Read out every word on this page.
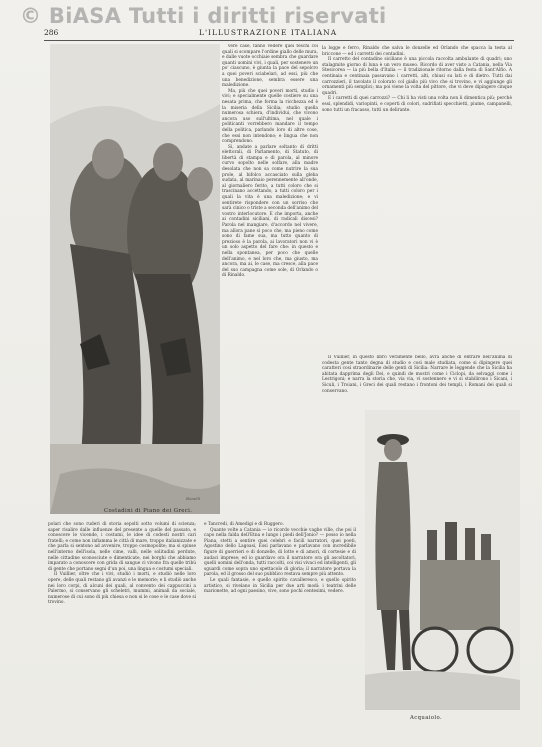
© BiASA Tutti i diritti riservati
286	L'ILLUSTRAZIONE ITALIANA
Costadini di Piano dei Greci.
Bonelli

vere case, fanno vedere quei teschi coi quali si scompare l'ordine giallo delle mura, e dalle vuote occhiaie sembra che guardare quanti uomini vivi, i quali, per sostenere un po' ciascuno, è giunta la pace del sepolcro a quei poveri sciabelari, ad essi, più che una benedizione, sembra essere una maledizione.

Ma, più che quei poveri morti, studio i vivi; e specialmente quelle costiere su una nesata prima, che forma la ricchezza ed è la miseria della Sicilia; studio quella numerosa schiera, d'individui, che vivono ancora uso sull'ultima, nel quale i politicanti vorrebbero mandare il tempo della politica, parlando loro di altre cose, che essi non intendono; e lingua che non comprendono.

Si, andate a parlare soltanto di dritti elettorali, di Parlamento, di Statuto, di libertà di stampa e di parola, al minore curvo sopolto nelle solfare, alla madre desolata che non sa come nutrire la sua prole, al bifolco accasciato sulla gleba sudata, al marinaio perennemente all'onde, al giornaliero ferito, a tutti coloro che si trascinano accettando, a tutti coloro per i quali la vita è una maledizione; e vi sentirete rispondere con un sorriso che sarà cinico o triste a seconda dell'animo del vostro interlocutore. E che importa, anche ai contadini siciliani, di radicali discesi? Parola nel mangiare, d'accordo nel vivere, ma allora pane sì poco che, ma pieno come sono di fame sua, ma tutto quanto di prezioso è la parola, ai lavoratori non vi è un solo aspetto del fare che: in questo e nella spontanea, per poco che quelle dell'animo, e nel loro che, ma giusto, ma ancora, ma ai, le case, ma cresce, alla pace del suo campagna come sole, di Orlando o di Rinaldo.

la logge e ferro, Rinaldo che salva le donzelle ed Orlando che spacca la testa al briccone — ed i carretti dei contadini.

Il carretto del contadino siciliano è una piccola raccolta ambulante di quadri; uno stalagmite giorno di luna è un vero museo. Ricordo di aver visto a Catania, nella Via Stesicorea — la più bella d'Italia — il tradizionale ritorno dalla festa di Sant'Alfio. A centinaia e centinaia passavano i carretti, alti, chiusi su lati e di dietro. Tutti dai carrozzieri, il tavolato il colorato col giallo più vivo che si trovino, e vi aggiunge gli ornamenti più semplici; ma poi viene la volta del pittore, che vi deve dipingere cinque quadri.

E i carretti di quei carrozzi? — Chi li ha visti una volta non li dimentica più; perchè essi, splendidi, variopinti, e coperti di colori, sudrifiati specchietti, piume, campanelli, sono tutti un fracasso, tutti un delirante.

Il Vuillier, in questo libro veramente bello, avrà anche di entrare nell'anima di codesta gente tanto degna di studio e così male studiata, come si dipingere quei caratteri così straordinarie delle genti di Sicilia: Narrare le leggende che la Sicilia ha abitata dapprima degli Dei, e quindi de mostri come i Ciclopi, da selvaggi come i Lestrigoni; e narra la storia che, via via, vi sostennero e vi si stabilirono i Sicani, i Siculi, i Troiani, i Greci dei quali restano i frontoni dei templi, i Romani dei quali si conservano.

Acquaiolo.

polari che sono ruderi di storia sepolti sotto volumi di scienza; saper risalire dalle influenze del presente a quelle del passato, e conoscere le vicende, i costumi, le idee di codesti nostri cari fratelli; e come non infiamma le città di mare, troppo italianizzate e che parla si sentono ad avvenire, troppo cosmopolite; ma si spinse nell'interno dell'isola, nelle cime, valli, nelle solitudini perdute, nelle cittadine sconosciute e dimenticate, nei borghi che abbiamo imparato a conoscere con grida di sangue ci vivono fra quelle tribù di gente che portano segni d'un poi, una lingua e costumi speciali.

Il Vuillier, oltre che i vivi, studiò i morti, e studiò nelle loro opere, delle quali restano gli avanzi e le memorie; e li studiò anche nei loro corpi, di alcuni dei quali, al convento dei cappuccini a Palermo, si conservano gli scheletri, mummi, animali da sociale, numerose di cui sono di più chiesa e non si le cose e le case dove si trovino.

e Tancredi, di Amedigi e di Ruggero.

Quante volte a Catania — io ricordo vecchie vaghe ville, che poi il capo nella falda dell'Etna e lungo i piedi dell'Jonio? — posso io nella Piana, stetti a sentire quei celebri e facili narratori, quei poeti, Agostino dello Lagoasi, Essi parlavano e parlavano con incredibile figure di guerrieri e di donzelle, di lotte e di amori, di cortesie e di audaci imprese; ed io guardavo ora il narratore ora gli ascoltatori, quelli uomini dell'onda, tutti raccolti, coi visi vivaci ed intelligenti, gli sguardi come sopra uno spettacolo di gloria; il narratore portava la parola, ed il grosso del suo pubblico restava sempre più attento.

Le quali fantasie, e quello spirito cavalleresco, e quello spirito artistico, si rivelano in Sicilia per due arti modi: i teatrini delle marionette, ad ogni paesino, vive, sono pochi centesimi, vedere.
